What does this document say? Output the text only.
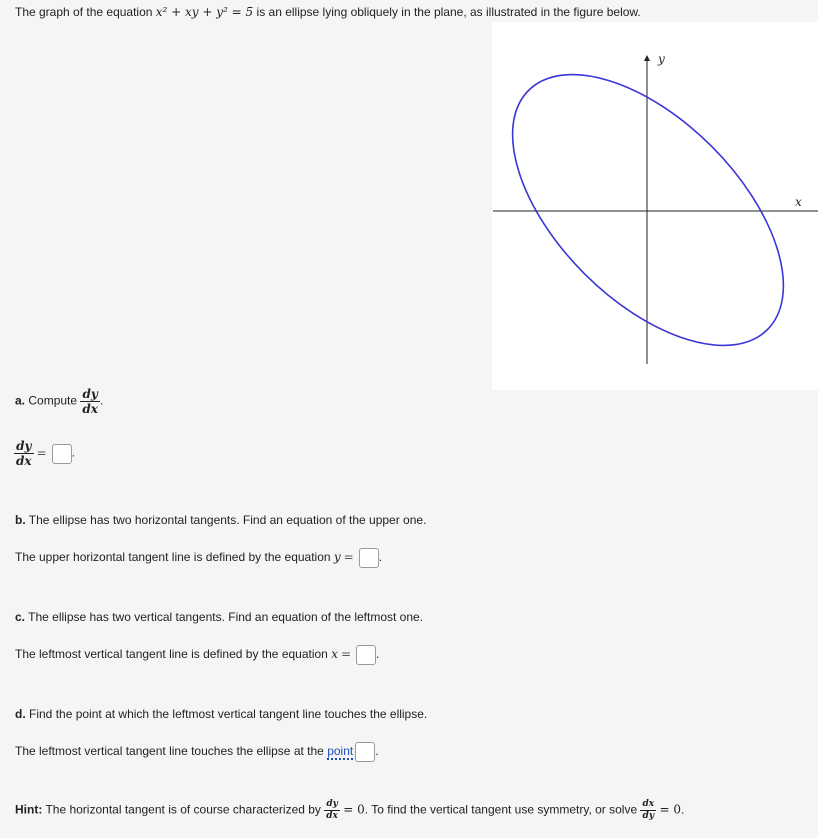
The graph of the equation x² + xy + y² = 5 is an ellipse lying obliquely in the plane, as illustrated in the figure below.
y
x
a. Compute $\frac{dy}{dx}$ .
$\frac{dy}{dx}$ = .
b. The ellipse has two horizontal tangents. Find an equation of the upper one.
The upper horizontal tangent line is defined by the equation y = .
c. The ellipse has two vertical tangents. Find an equation of the leftmost one.
The leftmost vertical tangent line is defined by the equation x = .
d. Find the point at which the leftmost vertical tangent line touches the ellipse.
The leftmost vertical tangent line touches the ellipse at the point .
Hint: The horizontal tangent is of course characterized by $\frac{dy}{dx} = 0$. To find the vertical tangent use symmetry, or solve $\frac{dx}{dy} = 0$.
